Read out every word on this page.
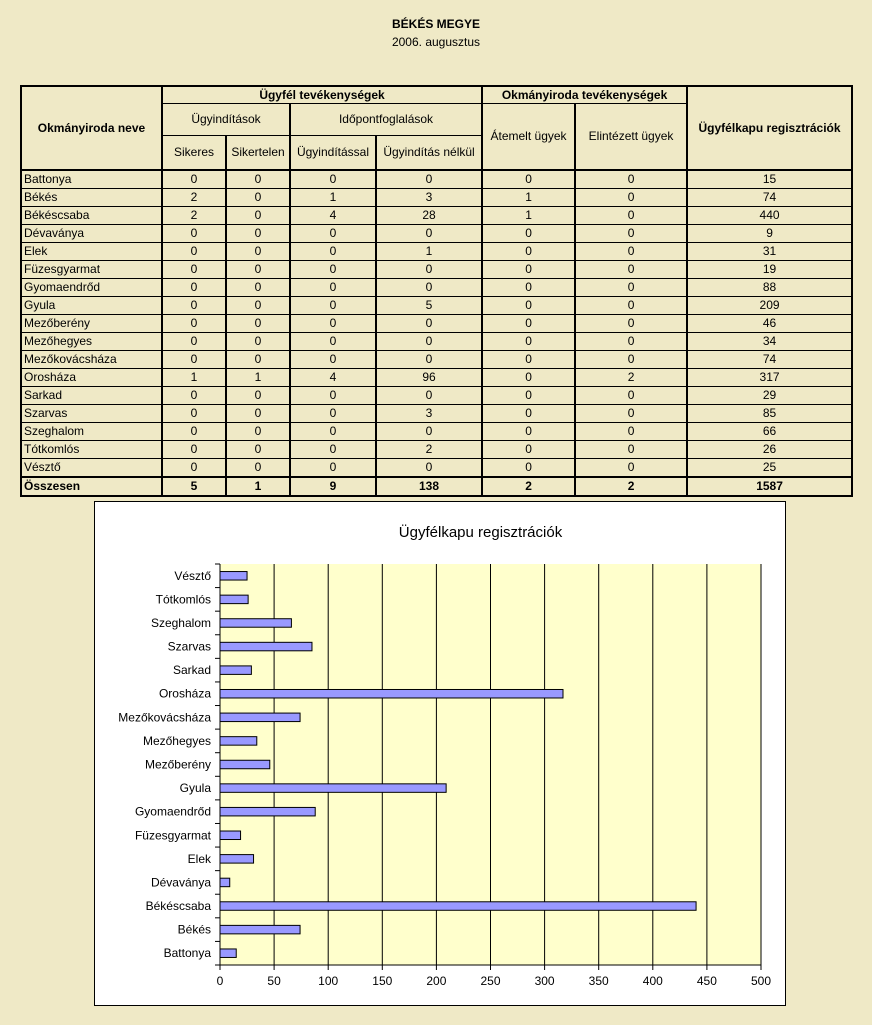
BÉKÉS MEGYE
2006. augusztus
Okmányiroda neve	Ügyfél tevékenységek				Okmányiroda tevékenységek		Ügyfélkapu regisztrációk
	Ügyindítások		Időpontfoglalások		Átemelt ügyek	Elintézett ügyek	
	Sikeres	Sikertelen	Ügyindítással	Ügyindítás nélkül			
Battonya	0	0	0	0	0	0	15
Békés	2	0	1	3	1	0	74
Békéscsaba	2	0	4	28	1	0	440
Dévaványa	0	0	0	0	0	0	9
Elek	0	0	0	1	0	0	31
Füzesgyarmat	0	0	0	0	0	0	19
Gyomaendrőd	0	0	0	0	0	0	88
Gyula	0	0	0	5	0	0	209
Mezőberény	0	0	0	0	0	0	46
Mezőhegyes	0	0	0	0	0	0	34
Mezőkovácsháza	0	0	0	0	0	0	74
Orosháza	1	1	4	96	0	2	317
Sarkad	0	0	0	0	0	0	29
Szarvas	0	0	0	3	0	0	85
Szeghalom	0	0	0	0	0	0	66
Tótkomlós	0	0	0	2	0	0	26
Vésztő	0	0	0	0	0	0	25
Összesen	5	1	9	138	2	2	1587
Ügyfélkapu regisztrációk
0	50	100	150	200	250	300	350	400	450	500
Battonya
Békés
Békéscsaba
Dévaványa
Elek
Füzesgyarmat
Gyomaendrőd
Gyula
Mezőberény
Mezőhegyes
Mezőkovácsháza
Orosháza
Sarkad
Szarvas
Szeghalom
Tótkomlós
Vésztő
